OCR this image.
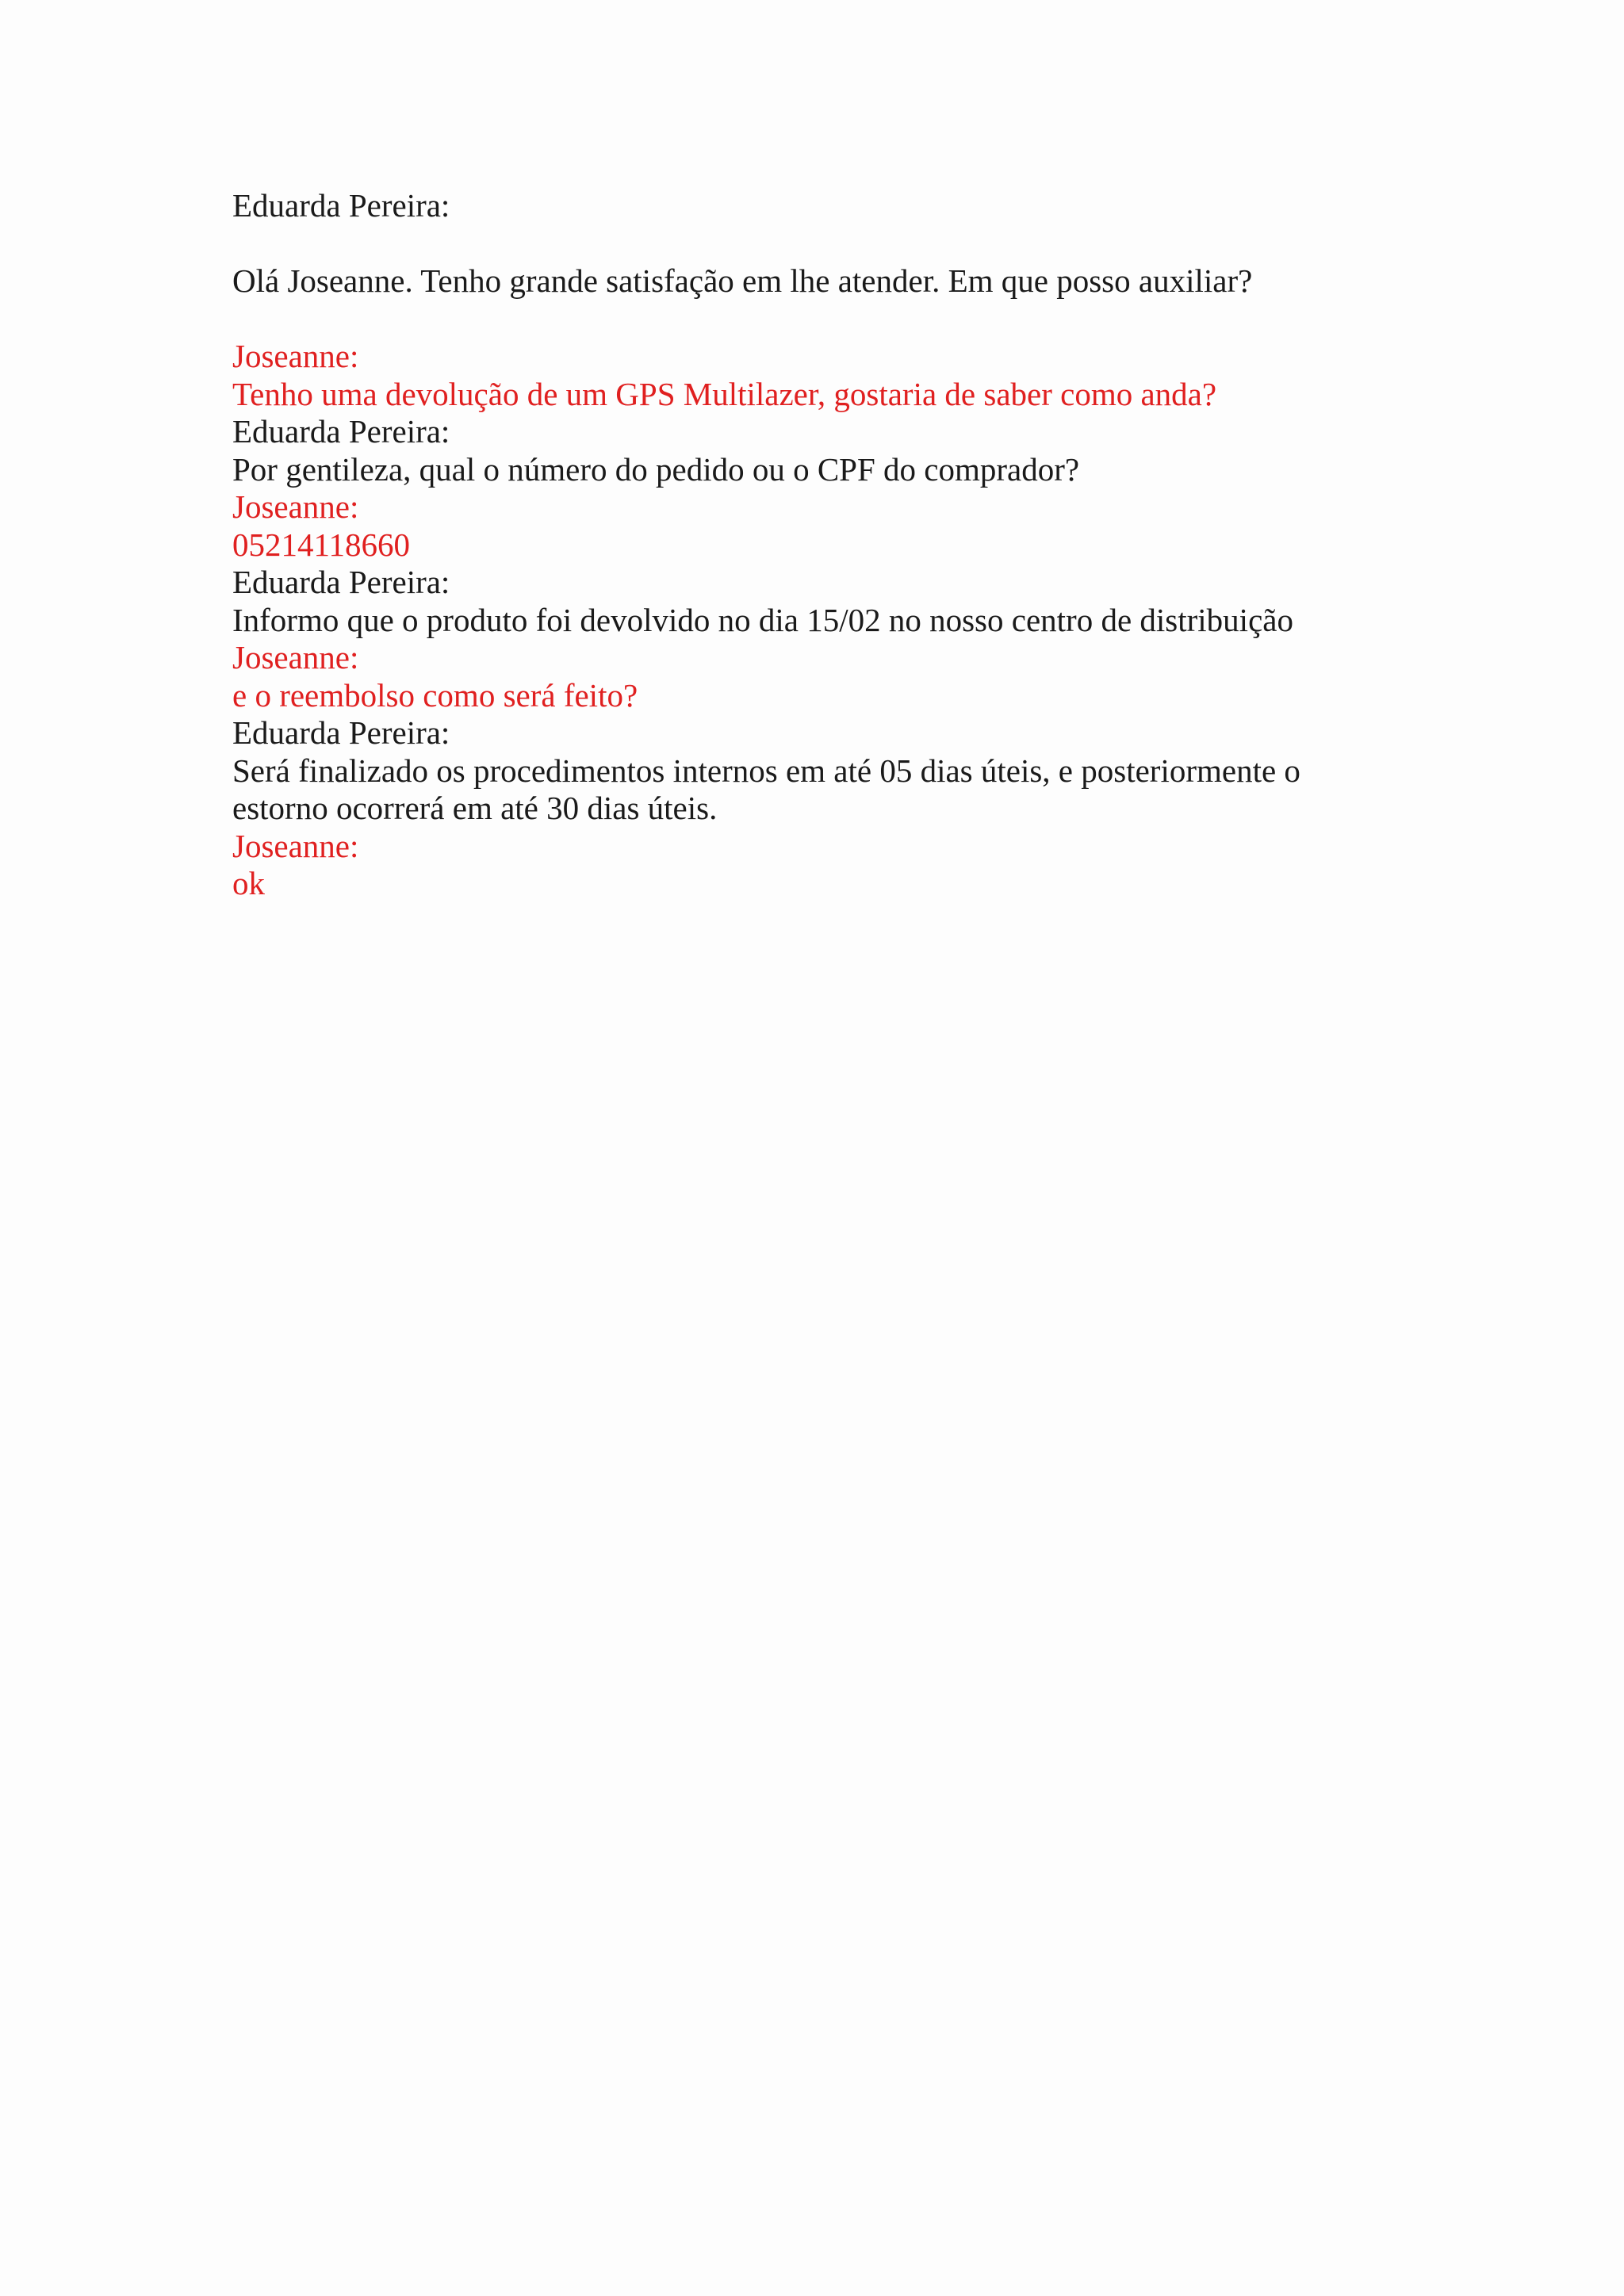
Eduarda Pereira:
Olá Joseanne. Tenho grande satisfação em lhe atender. Em que posso auxiliar?
Joseanne:
Tenho uma devolução de um GPS Multilazer, gostaria de saber como anda?
Eduarda Pereira:
Por gentileza, qual o número do pedido ou o CPF do comprador?
Joseanne:
05214118660
Eduarda Pereira:
Informo que o produto foi devolvido no dia 15/02 no nosso centro de distribuição
Joseanne:
e o reembolso como será feito?
Eduarda Pereira:
Será finalizado os procedimentos internos em até 05 dias úteis, e posteriormente o
estorno ocorrerá em até 30 dias úteis.
Joseanne:
ok
